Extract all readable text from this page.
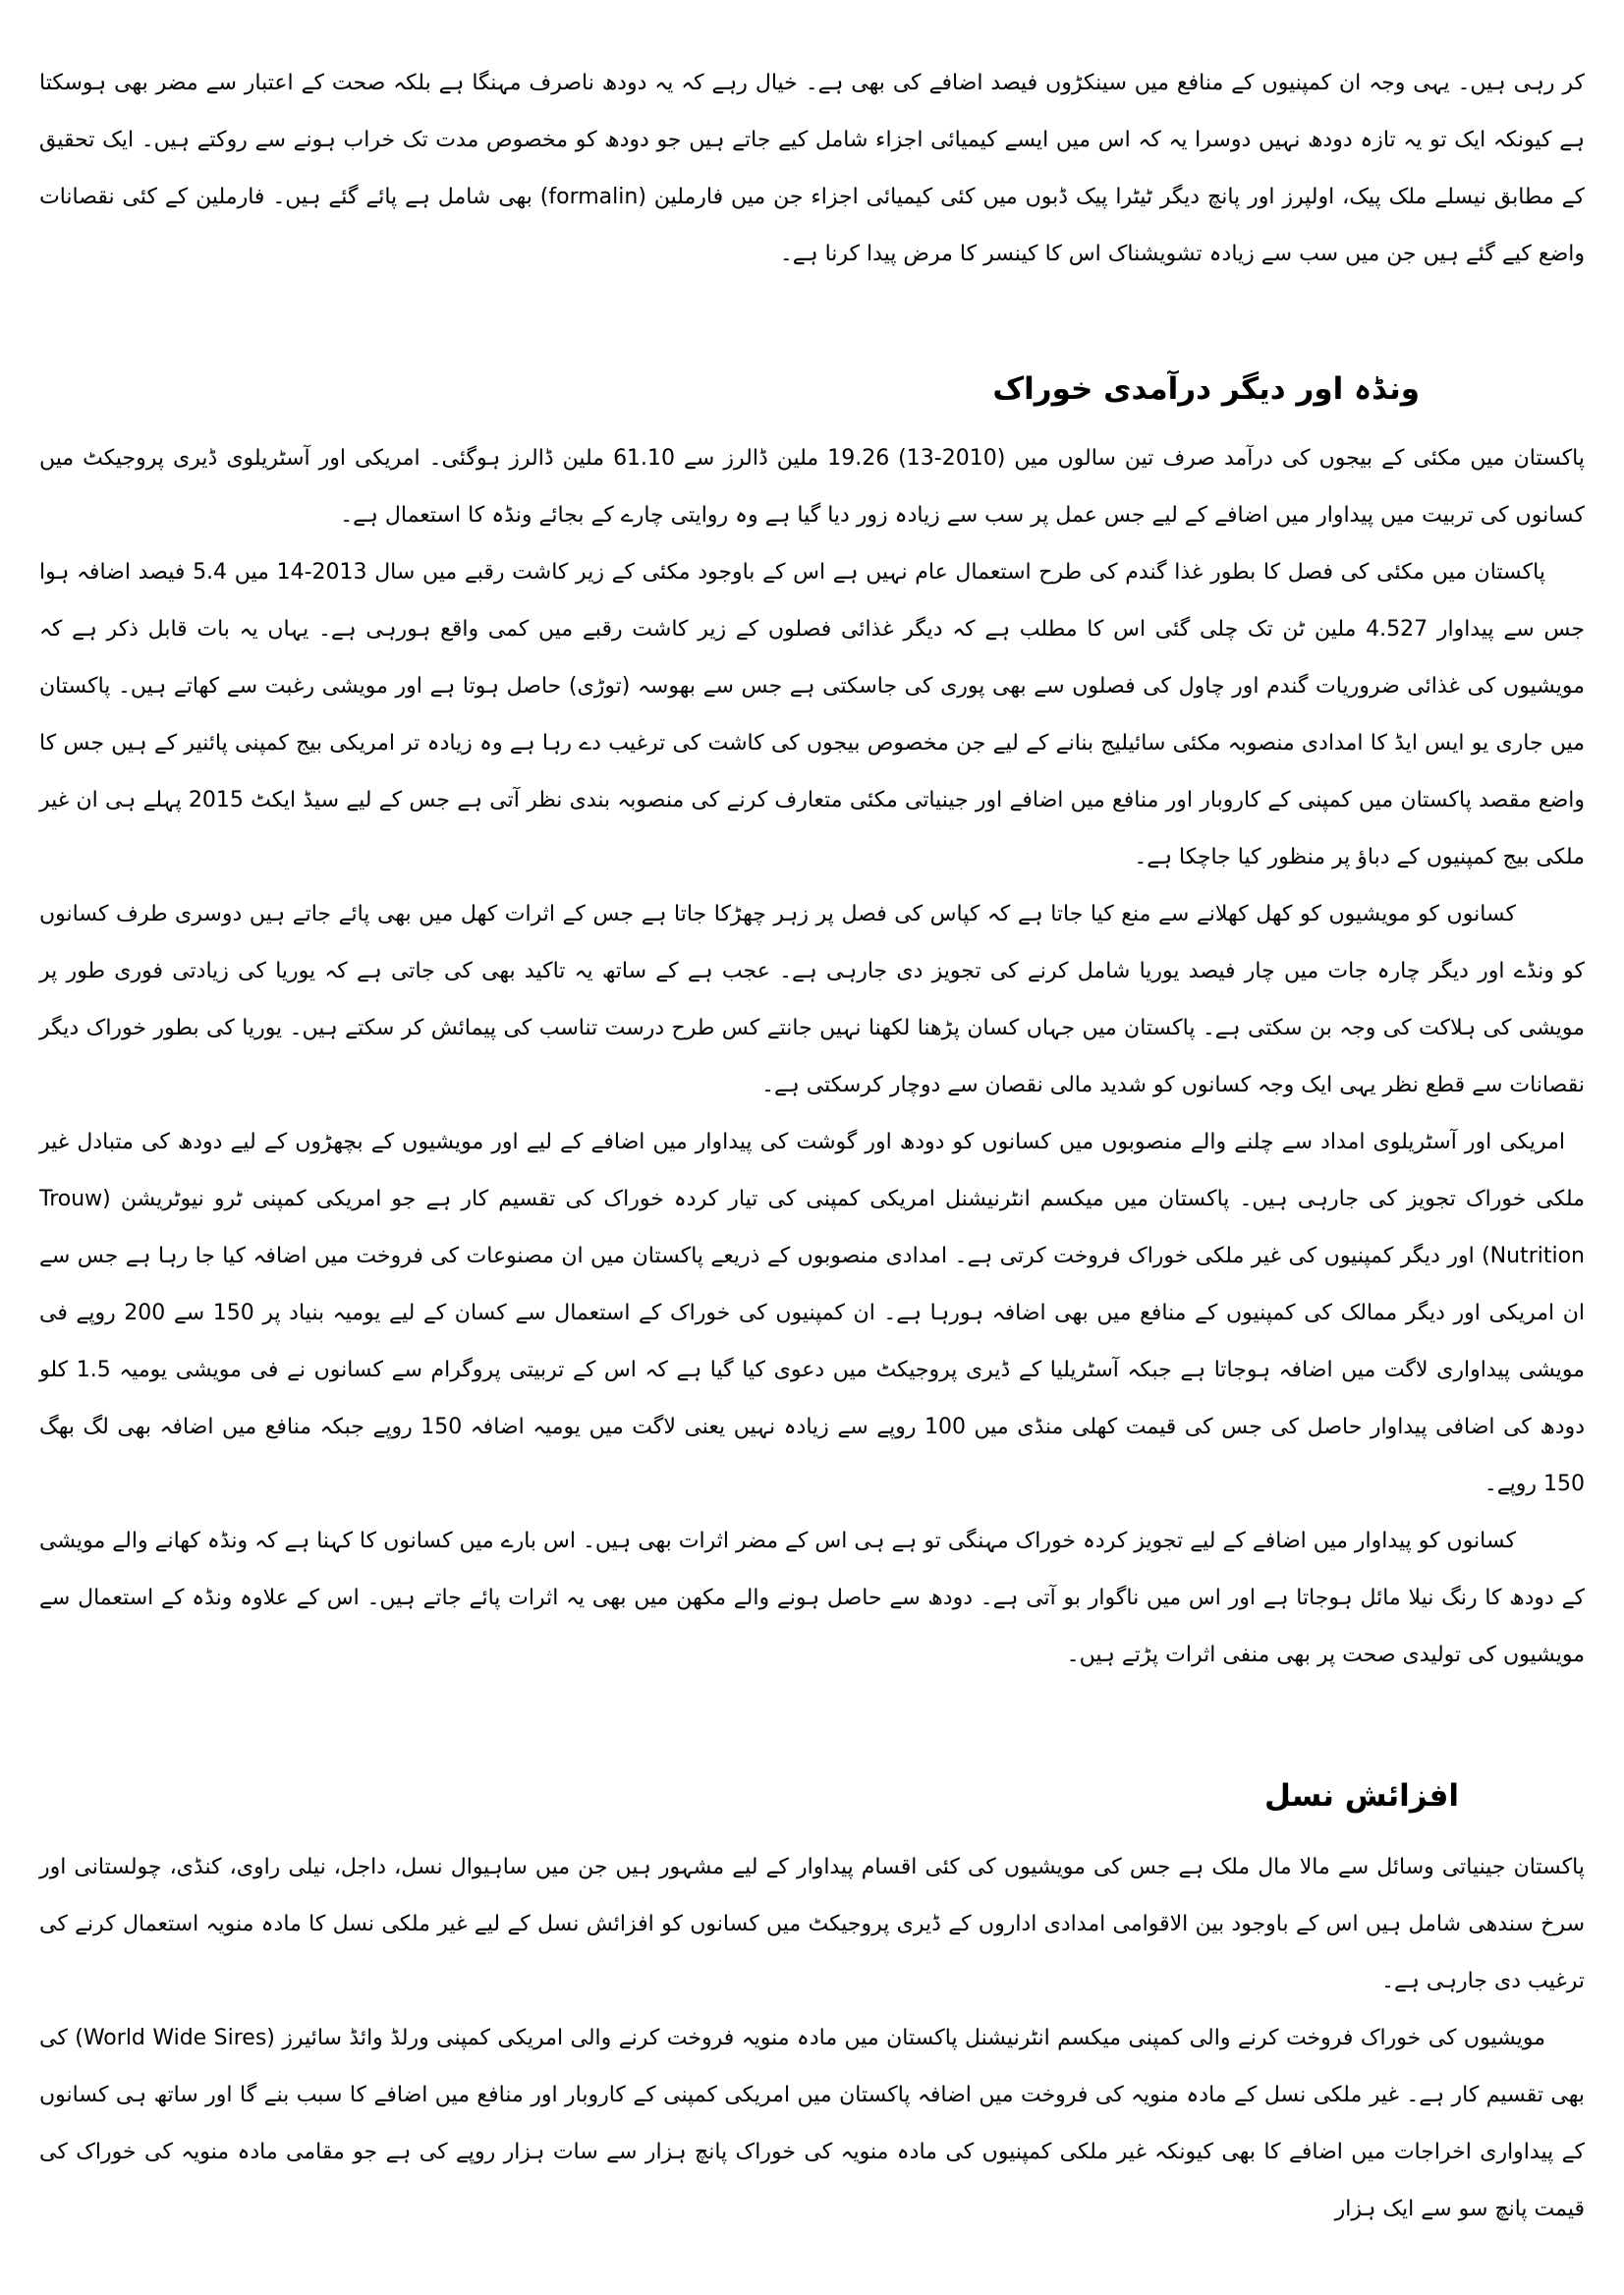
کر رہی ہیں۔ یہی وجہ ان کمپنیوں کے منافع میں سینکڑوں فیصد اضافے کی بھی ہے۔ خیال رہے کہ یہ دودھ ناصرف مہنگا ہے بلکہ صحت کے اعتبار سے مضر بھی ہوسکتا ہے کیونکہ ایک تو یہ تازہ دودھ نہیں دوسرا یہ کہ اس میں ایسے کیمیائی اجزاء شامل کیے جاتے ہیں جو دودھ کو مخصوص مدت تک خراب ہونے سے روکتے ہیں۔ ایک تحقیق کے مطابق نیسلے ملک پیک، اولپرز اور پانچ دیگر ٹیٹرا پیک ڈبوں میں کئی کیمیائی اجزاء جن میں فارملین (formalin) بھی شامل ہے پائے گئے ہیں۔ فارملین کے کئی نقصانات واضع کیے گئے ہیں جن میں سب سے زیادہ تشویشناک اس کا کینسر کا مرض پیدا کرنا ہے۔

ونڈہ اور دیگر درآمدی خوراک

پاکستان میں مکئی کے بیجوں کی درآمد صرف تین سالوں میں (2010-13) 19.26 ملین ڈالرز سے 61.10 ملین ڈالرز ہوگئی۔ امریکی اور آسٹریلوی ڈیری پروجیکٹ میں کسانوں کی تربیت میں پیداوار میں اضافے کے لیے جس عمل پر سب سے زیادہ زور دیا گیا ہے وہ روایتی چارے کے بجائے ونڈہ کا استعمال ہے۔

پاکستان میں مکئی کی فصل کا بطور غذا گندم کی طرح استعمال عام نہیں ہے اس کے باوجود مکئی کے زیر کاشت رقبے میں سال 2013-14 میں 5.4 فیصد اضافہ ہوا جس سے پیداوار 4.527 ملین ٹن تک چلی گئی اس کا مطلب ہے کہ دیگر غذائی فصلوں کے زیر کاشت رقبے میں کمی واقع ہورہی ہے۔ یہاں یہ بات قابل ذکر ہے کہ مویشیوں کی غذائی ضروریات گندم اور چاول کی فصلوں سے بھی پوری کی جاسکتی ہے جس سے بھوسہ (توڑی) حاصل ہوتا ہے اور مویشی رغبت سے کھاتے ہیں۔ پاکستان میں جاری یو ایس ایڈ کا امدادی منصوبہ مکئی سائیلیج بنانے کے لیے جن مخصوص بیجوں کی کاشت کی ترغیب دے رہا ہے وہ زیادہ تر امریکی بیج کمپنی پائنیر کے ہیں جس کا واضع مقصد پاکستان میں کمپنی کے کاروبار اور منافع میں اضافے اور جینیاتی مکئی متعارف کرنے کی منصوبہ بندی نظر آتی ہے جس کے لیے سیڈ ایکٹ 2015 پہلے ہی ان غیر ملکی بیج کمپنیوں کے دباؤ پر منظور کیا جاچکا ہے۔

کسانوں کو مویشیوں کو کھل کھلانے سے منع کیا جاتا ہے کہ کپاس کی فصل پر زہر چھڑکا جاتا ہے جس کے اثرات کھل میں بھی پائے جاتے ہیں دوسری طرف کسانوں کو ونڈے اور دیگر چارہ جات میں چار فیصد یوریا شامل کرنے کی تجویز دی جارہی ہے۔ عجب ہے کے ساتھ یہ تاکید بھی کی جاتی ہے کہ یوریا کی زیادتی فوری طور پر مویشی کی ہلاکت کی وجہ بن سکتی ہے۔ پاکستان میں جہاں کسان پڑھنا لکھنا نہیں جانتے کس طرح درست تناسب کی پیمائش کر سکتے ہیں۔ یوریا کی بطور خوراک دیگر نقصانات سے قطع نظر یہی ایک وجہ کسانوں کو شدید مالی نقصان سے دوچار کرسکتی ہے۔

امریکی اور آسٹریلوی امداد سے چلنے والے منصوبوں میں کسانوں کو دودھ اور گوشت کی پیداوار میں اضافے کے لیے اور مویشیوں کے بچھڑوں کے لیے دودھ کی متبادل غیر ملکی خوراک تجویز کی جارہی ہیں۔ پاکستان میں میکسم انٹرنیشنل امریکی کمپنی کی تیار کردہ خوراک کی تقسیم کار ہے جو امریکی کمپنی ٹرو نیوٹریشن (Trouw Nutrition) اور دیگر کمپنیوں کی غیر ملکی خوراک فروخت کرتی ہے۔ امدادی منصوبوں کے ذریعے پاکستان میں ان مصنوعات کی فروخت میں اضافہ کیا جا رہا ہے جس سے ان امریکی اور دیگر ممالک کی کمپنیوں کے منافع میں بھی اضافہ ہورہا ہے۔ ان کمپنیوں کی خوراک کے استعمال سے کسان کے لیے یومیہ بنیاد پر 150 سے 200 روپے فی مویشی پیداواری لاگت میں اضافہ ہوجاتا ہے جبکہ آسٹریلیا کے ڈیری پروجیکٹ میں دعوی کیا گیا ہے کہ اس کے تربیتی پروگرام سے کسانوں نے فی مویشی یومیہ 1.5 کلو دودھ کی اضافی پیداوار حاصل کی جس کی قیمت کھلی منڈی میں 100 روپے سے زیادہ نہیں یعنی لاگت میں یومیہ اضافہ 150 روپے جبکہ منافع میں اضافہ بھی لگ بھگ 150 روپے۔

کسانوں کو پیداوار میں اضافے کے لیے تجویز کردہ خوراک مہنگی تو ہے ہی اس کے مضر اثرات بھی ہیں۔ اس بارے میں کسانوں کا کہنا ہے کہ ونڈہ کھانے والے مویشی کے دودھ کا رنگ نیلا مائل ہوجاتا ہے اور اس میں ناگوار بو آتی ہے۔ دودھ سے حاصل ہونے والے مکھن میں بھی یہ اثرات پائے جاتے ہیں۔ اس کے علاوہ ونڈہ کے استعمال سے مویشیوں کی تولیدی صحت پر بھی منفی اثرات پڑتے ہیں۔

افزائش نسل

پاکستان جینیاتی وسائل سے مالا مال ملک ہے جس کی مویشیوں کی کئی اقسام پیداوار کے لیے مشہور ہیں جن میں ساہیوال نسل، داجل، نیلی راوی، کنڈی، چولستانی اور سرخ سندھی شامل ہیں اس کے باوجود بین الاقوامی امدادی اداروں کے ڈیری پروجیکٹ میں کسانوں کو افزائش نسل کے لیے غیر ملکی نسل کا مادہ منویہ استعمال کرنے کی ترغیب دی جارہی ہے۔

مویشیوں کی خوراک فروخت کرنے والی کمپنی میکسم انٹرنیشنل پاکستان میں مادہ منویہ فروخت کرنے والی امریکی کمپنی ورلڈ وائڈ سائیرز (World Wide Sires) کی بھی تقسیم کار ہے۔ غیر ملکی نسل کے مادہ منویہ کی فروخت میں اضافہ پاکستان میں امریکی کمپنی کے کاروبار اور منافع میں اضافے کا سبب بنے گا اور ساتھ ہی کسانوں کے پیداواری اخراجات میں اضافے کا بھی کیونکہ غیر ملکی کمپنیوں کی مادہ منویہ کی خوراک پانچ ہزار سے سات ہزار روپے کی ہے جو مقامی مادہ منویہ کی خوراک کی قیمت پانچ سو سے ایک ہزار
